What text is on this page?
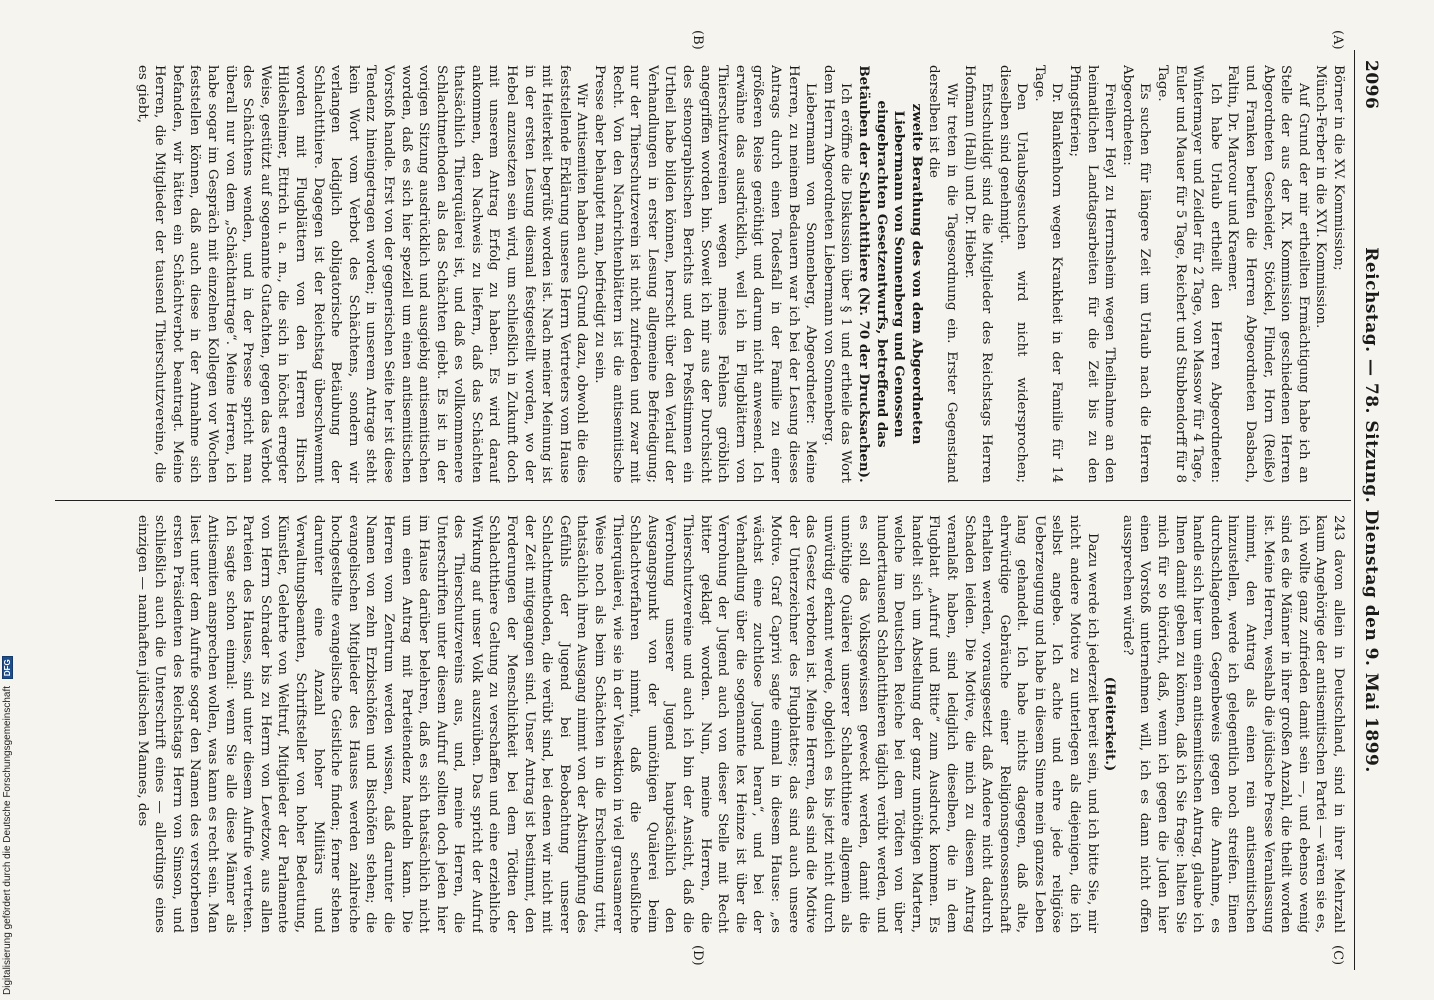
2096
Reichstag. — 78. Sitzung. Dienstag den 9. Mai 1899.
(A)
(B)
(C)
(D)

Börner in die XV. Kommission;

Münch-Ferber in die XVI. Kommission.

Auf Grund der mir ertheilten Ermächtigung habe ich an Stelle der aus der IX. Kommission geschiedenen Herren Abgeordneten Gescheider, Stöckel, Flinder, Horn (Reiße) und Franken berufen die Herren Abgeordneten Dasbach, Faltin, Dr. Marcour und Kraemer.

Ich habe Urlaub ertheilt den Herren Abgeordneten: Wintermayer und Zeidler für 2 Tage, von Massow für 4 Tage, Euler und Mauer für 5 Tage, Reichert und Stubbendorff für 8 Tage.

Es suchen für längere Zeit um Urlaub nach die Herren Abgeordneten:

Freiherr Heyl zu Herrnsheim wegen Theilnahme an den heimatlichen Landtagsarbeiten für die Zeit bis zu den Pfingstferien;

Dr. Blankenhorn wegen Krankheit in der Familie für 14 Tage.

Den Urlaubsgesuchen wird nicht widersprochen; dieselben sind genehmigt.

Entschuldigt sind die Mitglieder des Reichstags Herren Hofmann (Hall) und Dr. Hieber.

Wir treten in die Tagesordnung ein. Erster Gegenstand derselben ist die

zweite Berathung des von dem Abgeordneten Liebermann von Sonnenberg und Genossen eingebrachten Gesetzentwurfs, betreffend das Betäuben der Schlachtthiere (Nr. 70 der Drucksachen).

Ich eröffne die Diskussion über § 1 und ertheile das Wort dem Herrn Abgeordneten Liebermann von Sonnenberg.

Liebermann von Sonnenberg, Abgeordneter: Meine Herren, zu meinem Bedauern war ich bei der Lesung dieses Antrags durch einen Todesfall in der Familie zu einer größeren Reise genöthigt und darum nicht anwesend. Ich erwähne das ausdrücklich, weil ich in Flugblättern von Thierschutzvereinen wegen meines Fehlens gröblich angegriffen worden bin. Soweit ich mir aus der Durchsicht des stenographischen Berichts und den Preßstimmen ein Urtheil habe bilden können, herrscht über den Verlauf der Verhandlungen in erster Lesung allgemeine Befriedigung; nur der Thierschutzverein ist nicht zufrieden und zwar mit Recht. Von den Nachrichtenblättern ist die antisemitische Presse aber behauptet man, befriedigt zu sein.

Wir Antisemiten haben auch Grund dazu, obwohl die dies feststellende Erklärung unseres Herrn Vertreters vom Hause mit Heiterkeit begrüßt worden ist. Nach meiner Meinung ist in der ersten Lesung diesmal festgestellt worden, wo der Hebel anzusetzen sein wird, um schließlich in Zukunft doch mit unserem Antrag Erfolg zu haben. Es wird darauf ankommen, den Nachweis zu liefern, daß das Schächten thatsächlich Thierquälerei ist, und daß es vollkommenere Schlachtmethoden als das Schächten giebt. Es ist in der vorigen Sitzung ausdrücklich und ausgiebig antisemitischen worden, daß es sich hier speziell um einen antisemitischen Vorstoß handle. Erst von der gegnerischen Seite her ist diese Tendenz hineingetragen worden; in unserem Antrage steht kein Wort vom Verbot des Schächtens, sondern wir verlangen lediglich obligatorische Betäubung der Schlachtthiere. Dagegen ist der Reichstag überschwemmt worden mit Flugblättern von den Herren Hirsch Hildesheimer, Ettrich u. a. m., die sich in höchst erregter Weise, gestützt auf sogenannte Gutachten, gegen das Verbot des Schächtens wenden, und in der Presse spricht man überall nur von dem „Schächtantrage“. Meine Herren, ich habe sogar im Gespräch mit einzelnen Kollegen vor Wochen feststellen können, daß auch diese in der Annahme sich befanden, wir hätten ein Schächtverbot beantragt. Meine Herren, die Mitglieder der tausend Thierschutzvereine, die es giebt,

243 davon allein in Deutschland, sind in ihrer Mehrzahl kaum Angehörige der antisemitischen Partei — wären sie es, ich wollte ganz zufrieden damit sein —, und ebenso wenig sind es die Männer in ihrer großen Anzahl, die theilt worden ist. Meine Herren, weshalb die jüdische Presse Veranlassung nimmt, den Antrag als einen rein antisemitischen hinzustellen, werde ich gelegentlich noch streifen. Einen durchschlagenden Gegenbeweis gegen die Annahme, es handle sich hier um einen antisemitischen Antrag, glaube ich Ihnen damit geben zu können, daß ich Sie frage: halten Sie mich für so thöricht, daß, wenn ich gegen die Juden hier einen Vorstoß unternehmen will, ich es dann nicht offen aussprechen würde?

(Heiterkeit.)

Dazu werde ich jederzeit bereit sein, und ich bitte Sie, mir nicht andere Motive zu unterlegen als diejenigen, die ich selbst angebe. Ich achte und ehre jede religiöse Ueberzeugung und habe in diesem Sinne mein ganzes Leben lang gehandelt. Ich habe nichts dagegen, daß alte, ehrwürdige Gebräuche einer Religionsgenossenschaft erhalten werden, vorausgesetzt daß Andere nicht dadurch Schaden leiden. Die Motive, die mich zu diesem Antrag veranlaßt haben, sind lediglich dieselben, die in dem Flugblatt „Aufruf und Bitte“ zum Ausdruck kommen. Es handelt sich um Abstellung der ganz unnöthigen Martern, welche im Deutschen Reiche bei dem Tödten von über hunderttausend Schlachtthieren täglich verübt werden, und es soll das Volksgewissen geweckt werden, damit die unnöthige Quälerei unserer Schlachtthiere allgemein als unwürdig erkannt werde, obgleich es bis jetzt nicht durch das Gesetz verboten ist. Meine Herren, das sind die Motive der Unterzeichner des Flugblattes; das sind auch unsere Motive. Graf Caprivi sagte einmal in diesem Hause: „es wächst eine zuchtlose Jugend heran“, und bei der Verhandlung über die sogenannte lex Heinze ist über die Verrohung der Jugend auch von dieser Stelle mit Recht bitter geklagt worden. Nun, meine Herren, die Thierschutzvereine und auch ich bin der Ansicht, daß die Verrohung unserer Jugend hauptsächlich den Ausgangspunkt von der unnöthigen Quälerei beim Schlachtverfahren nimmt, daß die scheußliche Thierquälerei, wie sie in der Viehsektion in viel grausamerer Weise noch als beim Schächten in die Erscheinung tritt, thatsächlich ihren Ausgang nimmt von der Abstumpfung des Gefühls der Jugend bei Beobachtung unserer Schlachtmethoden, die verübt sind, bei denen wir nicht mit der Zeit mitgegangen sind. Unser Antrag ist bestimmt, den Forderungen der Menschlichkeit bei dem Tödten der Schlachtthiere Geltung zu verschaffen und eine erziehliche Wirkung auf unser Volk auszuüben. Das spricht der Aufruf des Thierschutzvereins aus, und, meine Herren, die Unterschriften unter diesem Aufruf sollten doch jeden hier im Hause darüber belehren, daß es sich thatsächlich nicht um einen Antrag mit Parteitendenz handeln kann. Die Herren vom Zentrum werden wissen, daß darunter die Namen von zehn Erzbischöfen und Bischöfen stehen; die evangelischen Mitglieder des Hauses werden zahlreiche hochgestellte evangelische Geistliche finden; ferner stehen darunter eine Anzahl hoher Militärs und Verwaltungsbeamten, Schriftsteller von hoher Bedeutung, Künstler, Gelehrte von Weltruf, Mitglieder der Parlamente von Herrn Schrader bis zu Herrn von Levetzow, aus allen Parteien des Hauses, sind unter diesem Aufrufe vertreten. Ich sagte schon einmal: wenn Sie alle diese Männer als Antisemiten ansprechen wollen, was kann es recht sein. Man liest unter dem Aufrufe sogar den Namen des verstorbenen ersten Präsidenten des Reichstags Herrn von Simson, und schließlich auch die Unterschrift eines — allerdings eines einzigen — namhaften jüdischen Mannes, des

Digitalisierung gefördert durch die Deutsche Forschungsgemeinschaft DFG
